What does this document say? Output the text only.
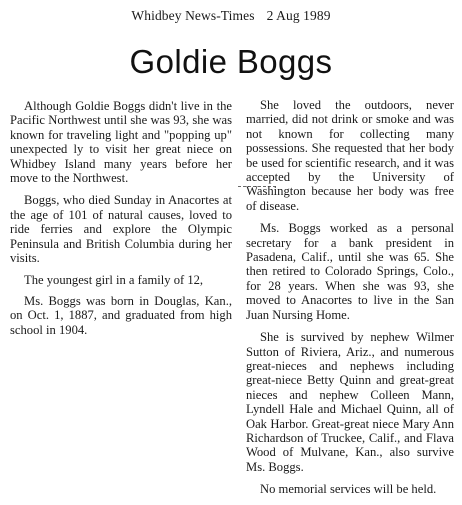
Whidbey News-Times 2 Aug 1989
Goldie Boggs

Although Goldie Boggs didn't live in the Pacific Northwest until she was 93, she was known for traveling light and "popping up" unexpected ly to visit her great niece on Whidbey Island many years before her move to the Northwest.

Boggs, who died Sunday in Anacortes at the age of 101 of natural causes, loved to ride ferries and explore the Olympic Peninsula and British Columbia during her visits.

The youngest girl in a family of 12,

Ms. Boggs was born in Douglas, Kan., on Oct. 1, 1887, and graduated from high school in 1904.

She loved the outdoors, never married, did not drink or smoke and was not known for collecting many possessions. She requested that her body be used for scientific research, and it was accepted by the University of Washington because her body was free of disease.

Ms. Boggs worked as a personal secretary for a bank president in Pasadena, Calif., until she was 65. She then retired to Colorado Springs, Colo., for 28 years. When she was 93, she moved to Anacortes to live in the San Juan Nursing Home.

She is survived by nephew Wilmer Sutton of Riviera, Ariz., and numerous great-nieces and nephews including great-niece Betty Quinn and great-great nieces and nephew Colleen Mann, Lyndell Hale and Michael Quinn, all of Oak Harbor. Great-great niece Mary Ann Richardson of Truckee, Calif., and Flava Wood of Mulvane, Kan., also survive Ms. Boggs.

No memorial services will be held.
